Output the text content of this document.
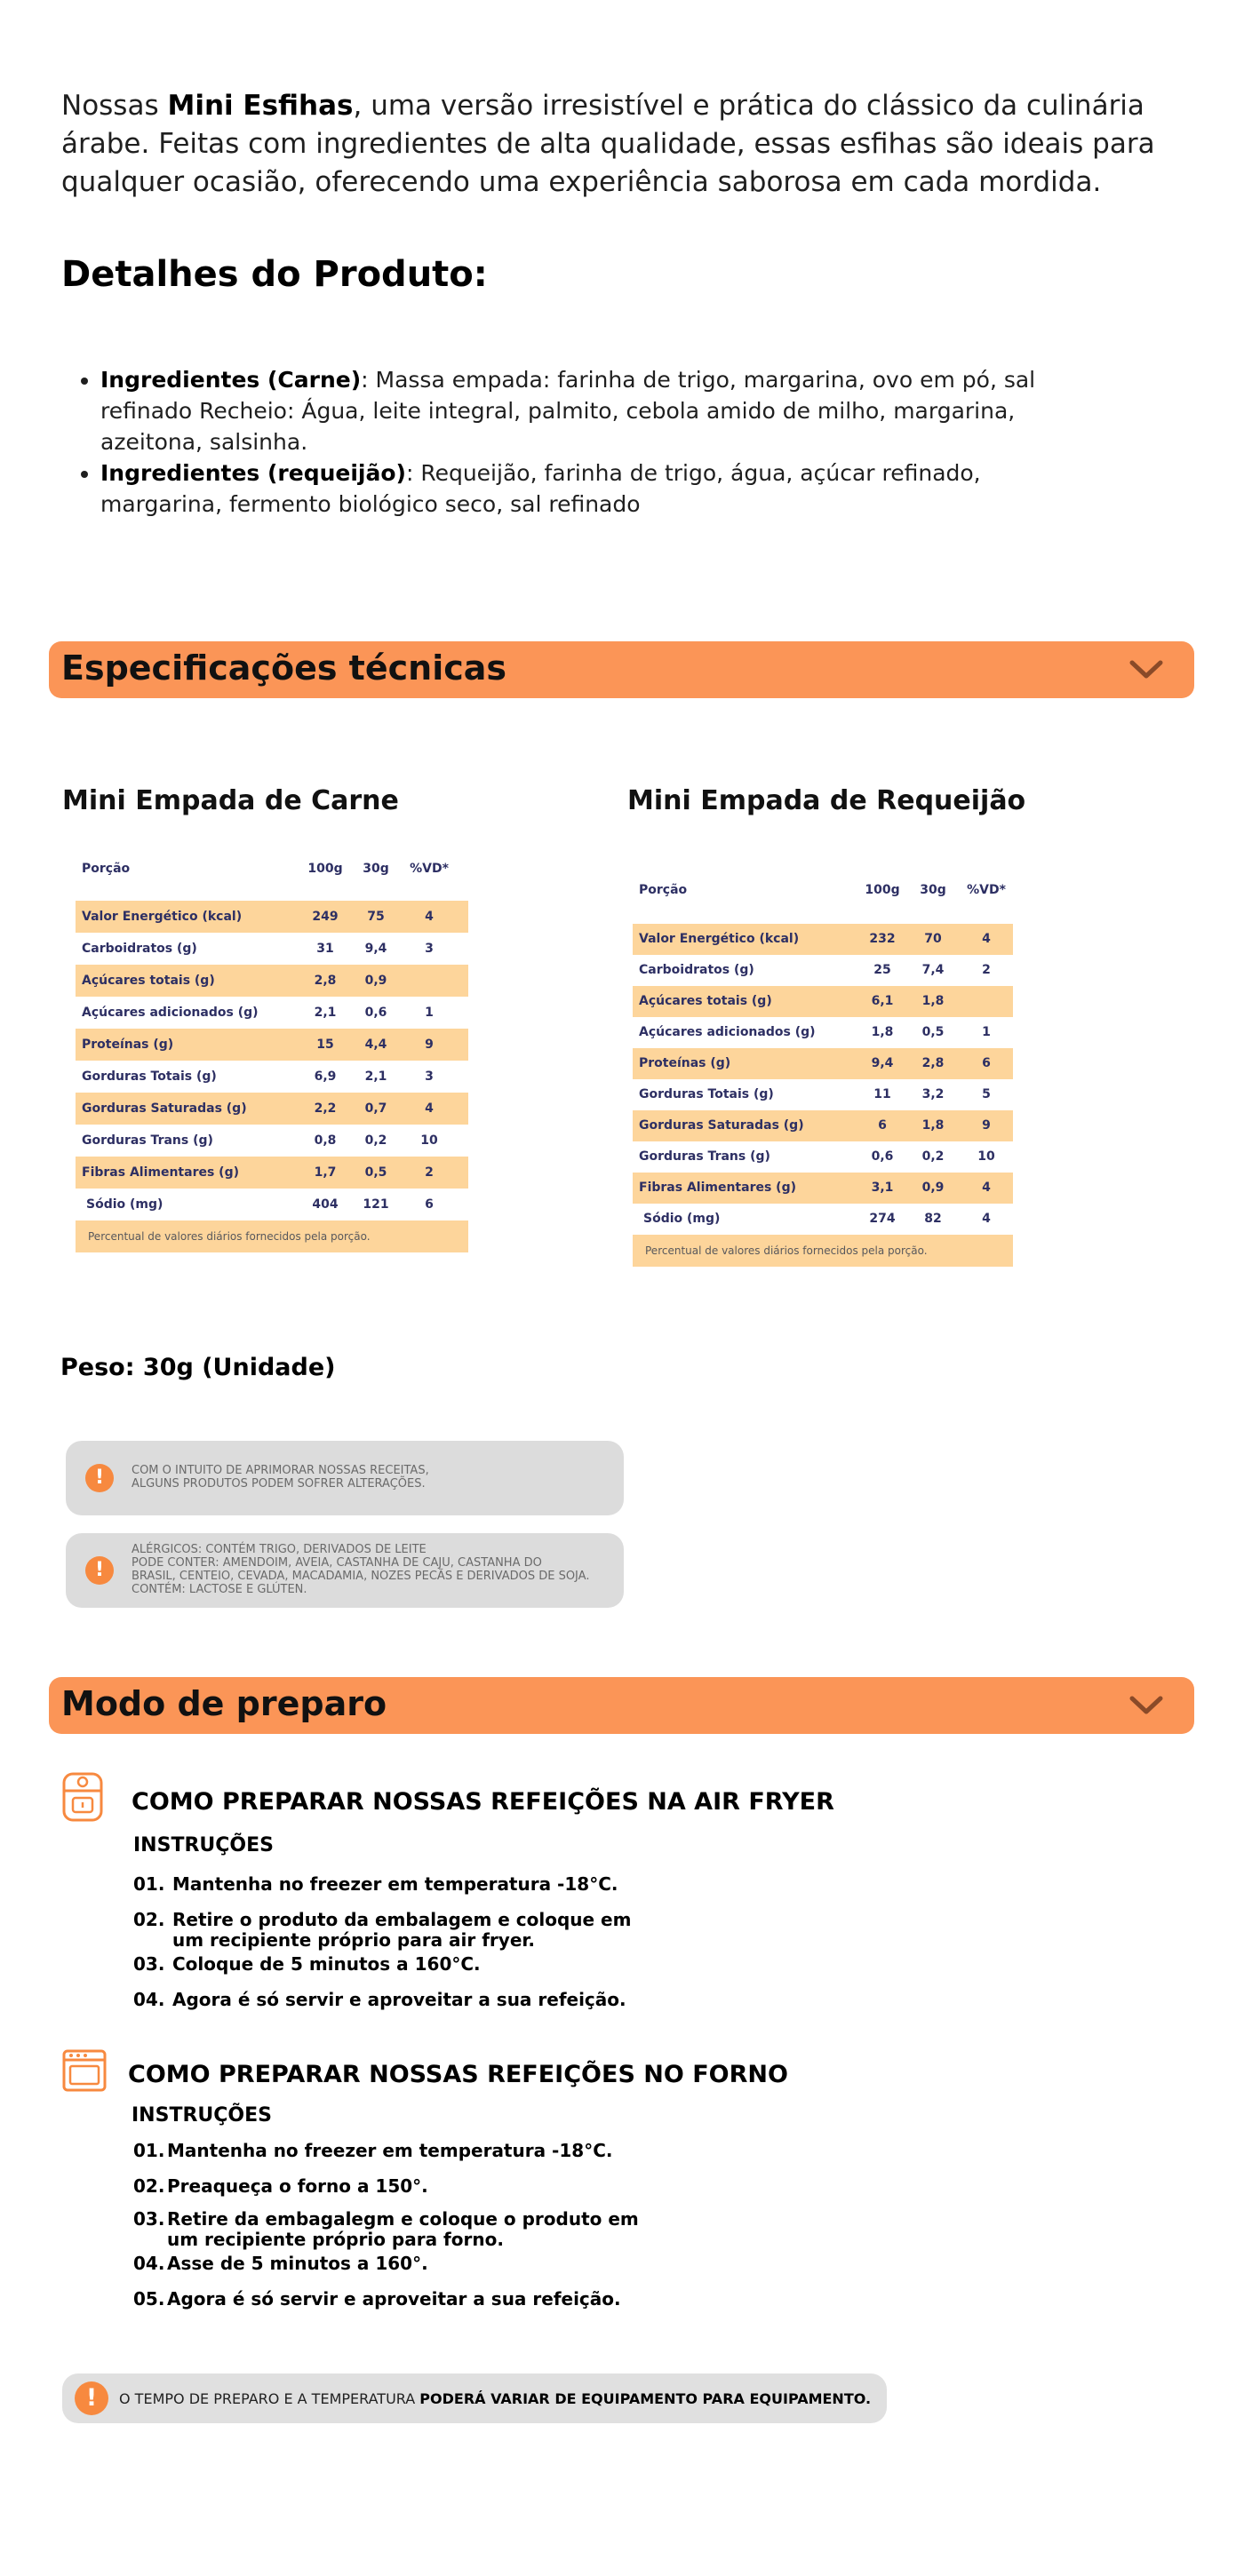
Nossas Mini Esfihas, uma versão irresistível e prática do clássico da culinária árabe. Feitas com ingredientes de alta qualidade, essas esfihas são ideais para qualquer ocasião, oferecendo uma experiência saborosa em cada mordida.

Detalhes do Produto:
• Ingredientes (Carne): Massa empada: farinha de trigo, margarina, ovo em pó, sal refinado Recheio: Água, leite integral, palmito, cebola amido de milho, margarina, azeitona, salsinha.
• Ingredientes (requeijão): Requeijão, farinha de trigo, água, açúcar refinado, margarina, fermento biológico seco, sal refinado
Especificações técnicas
Mini Empada de Carne	Mini Empada de Requeijão
Porção	100g	30g	%VD*
Valor Energético (kcal)	249	75	4
Carboidratos (g)	31	9,4	3
Açúcares totais (g)	2,8	0,9
Açúcares adicionados (g)	2,1	0,6	1
Proteínas (g)	15	4,4	9
Gorduras Totais (g)	6,9	2,1	3
Gorduras Saturadas (g)	2,2	0,7	4
Gorduras Trans (g)	0,8	0,2	10
Fibras Alimentares (g)	1,7	0,5	2
Sódio (mg)	404	121	6
Percentual de valores diários fornecidos pela porção.
Porção	100g	30g	%VD*
Valor Energético (kcal)	232	70	4
Carboidratos (g)	25	7,4	2
Açúcares totais (g)	6,1	1,8
Açúcares adicionados (g)	1,8	0,5	1
Proteínas (g)	9,4	2,8	6
Gorduras Totais (g)	11	3,2	5
Gorduras Saturadas (g)	6	1,8	9
Gorduras Trans (g)	0,6	0,2	10
Fibras Alimentares (g)	3,1	0,9	4
Sódio (mg)	274	82	4
Percentual de valores diários fornecidos pela porção.
Peso: 30g (Unidade)
!	COM O INTUITO DE APRIMORAR NOSSAS RECEITAS,
ALGUNS PRODUTOS PODEM SOFRER ALTERAÇÕES.
!
ALÉRGICOS: CONTÉM TRIGO, DERIVADOS DE LEITE
PODE CONTER: AMENDOIM, AVEIA, CASTANHA DE CAJU, CASTANHA DO
BRASIL, CENTEIO, CEVADA, MACADAMIA, NOZES PECÃS E DERIVADOS DE SOJA.
CONTÉM: LACTOSE E GLÚTEN.
Modo de preparo
COMO PREPARAR NOSSAS REFEIÇÕES NA AIR FRYER
INSTRUÇÕES
01. Mantenha no freezer em temperatura -18°C.
02. Retire o produto da embalagem e coloque em
um recipiente próprio para air fryer.
03. Coloque de 5 minutos a 160°C.
04. Agora é só servir e aproveitar a sua refeição.
COMO PREPARAR NOSSAS REFEIÇÕES NO FORNO
INSTRUÇÕES
01. Mantenha no freezer em temperatura -18°C.
02. Preaqueça o forno a 150°.
03. Retire da embagalegm e coloque o produto em
um recipiente próprio para forno.
04. Asse de 5 minutos a 160°.
05. Agora é só servir e aproveitar a sua refeição.
!	O TEMPO DE PREPARO E A TEMPERATURA PODERÁ VARIAR DE EQUIPAMENTO PARA EQUIPAMENTO.
